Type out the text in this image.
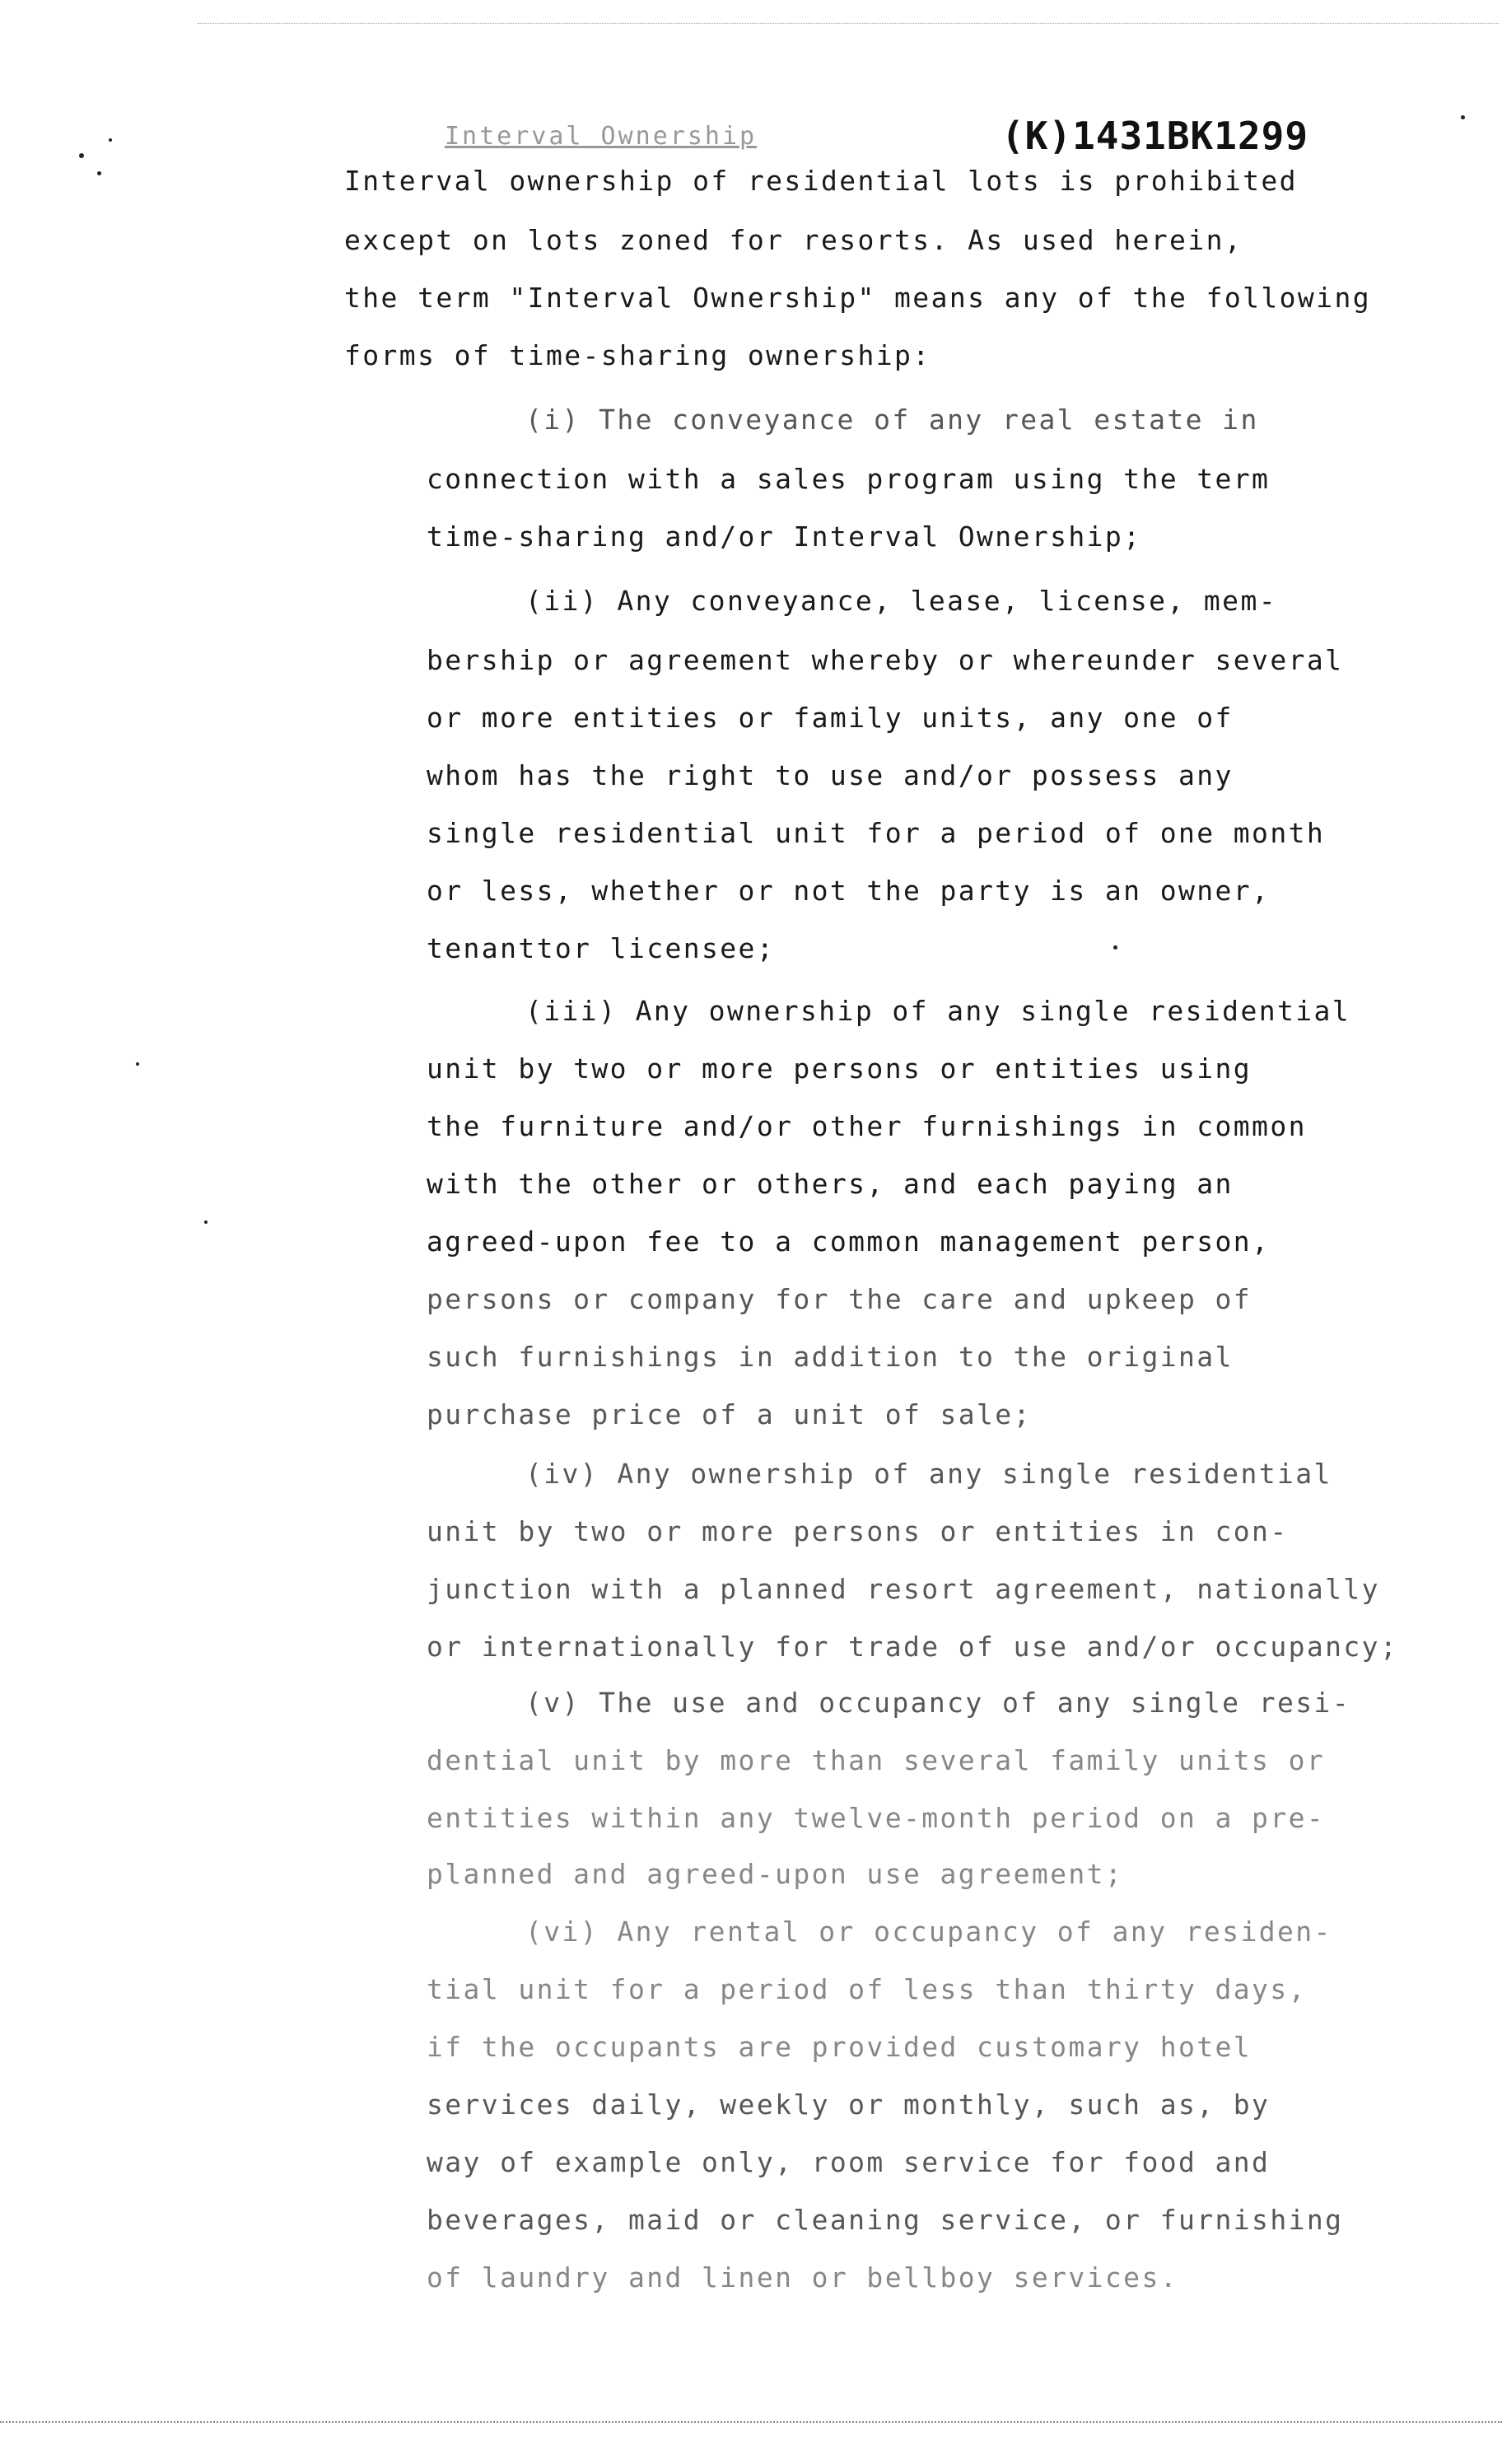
Interval Ownership	(K)1431BK1299
Interval ownership of residential lots is prohibited
except on lots zoned for resorts. As used herein,
the term "Interval Ownership" means any of the following
forms of time-sharing ownership:
(i) The conveyance of any real estate in
connection with a sales program using the term
time-sharing and/or Interval Ownership;
(ii) Any conveyance, lease, license, mem-
bership or agreement whereby or whereunder several
or more entities or family units, any one of
whom has the right to use and/or possess any
single residential unit for a period of one month
or less, whether or not the party is an owner,
tenanttor licensee;
(iii) Any ownership of any single residential
unit by two or more persons or entities using
the furniture and/or other furnishings in common
with the other or others, and each paying an
agreed-upon fee to a common management person,
persons or company for the care and upkeep of
such furnishings in addition to the original
purchase price of a unit of sale;
(iv) Any ownership of any single residential
unit by two or more persons or entities in con-
junction with a planned resort agreement, nationally
or internationally for trade of use and/or occupancy;
(v) The use and occupancy of any single resi-
dential unit by more than several family units or
entities within any twelve-month period on a pre-
planned and agreed-upon use agreement;
(vi) Any rental or occupancy of any residen-
tial unit for a period of less than thirty days,
if the occupants are provided customary hotel
services daily, weekly or monthly, such as, by
way of example only, room service for food and
beverages, maid or cleaning service, or furnishing
of laundry and linen or bellboy services.
